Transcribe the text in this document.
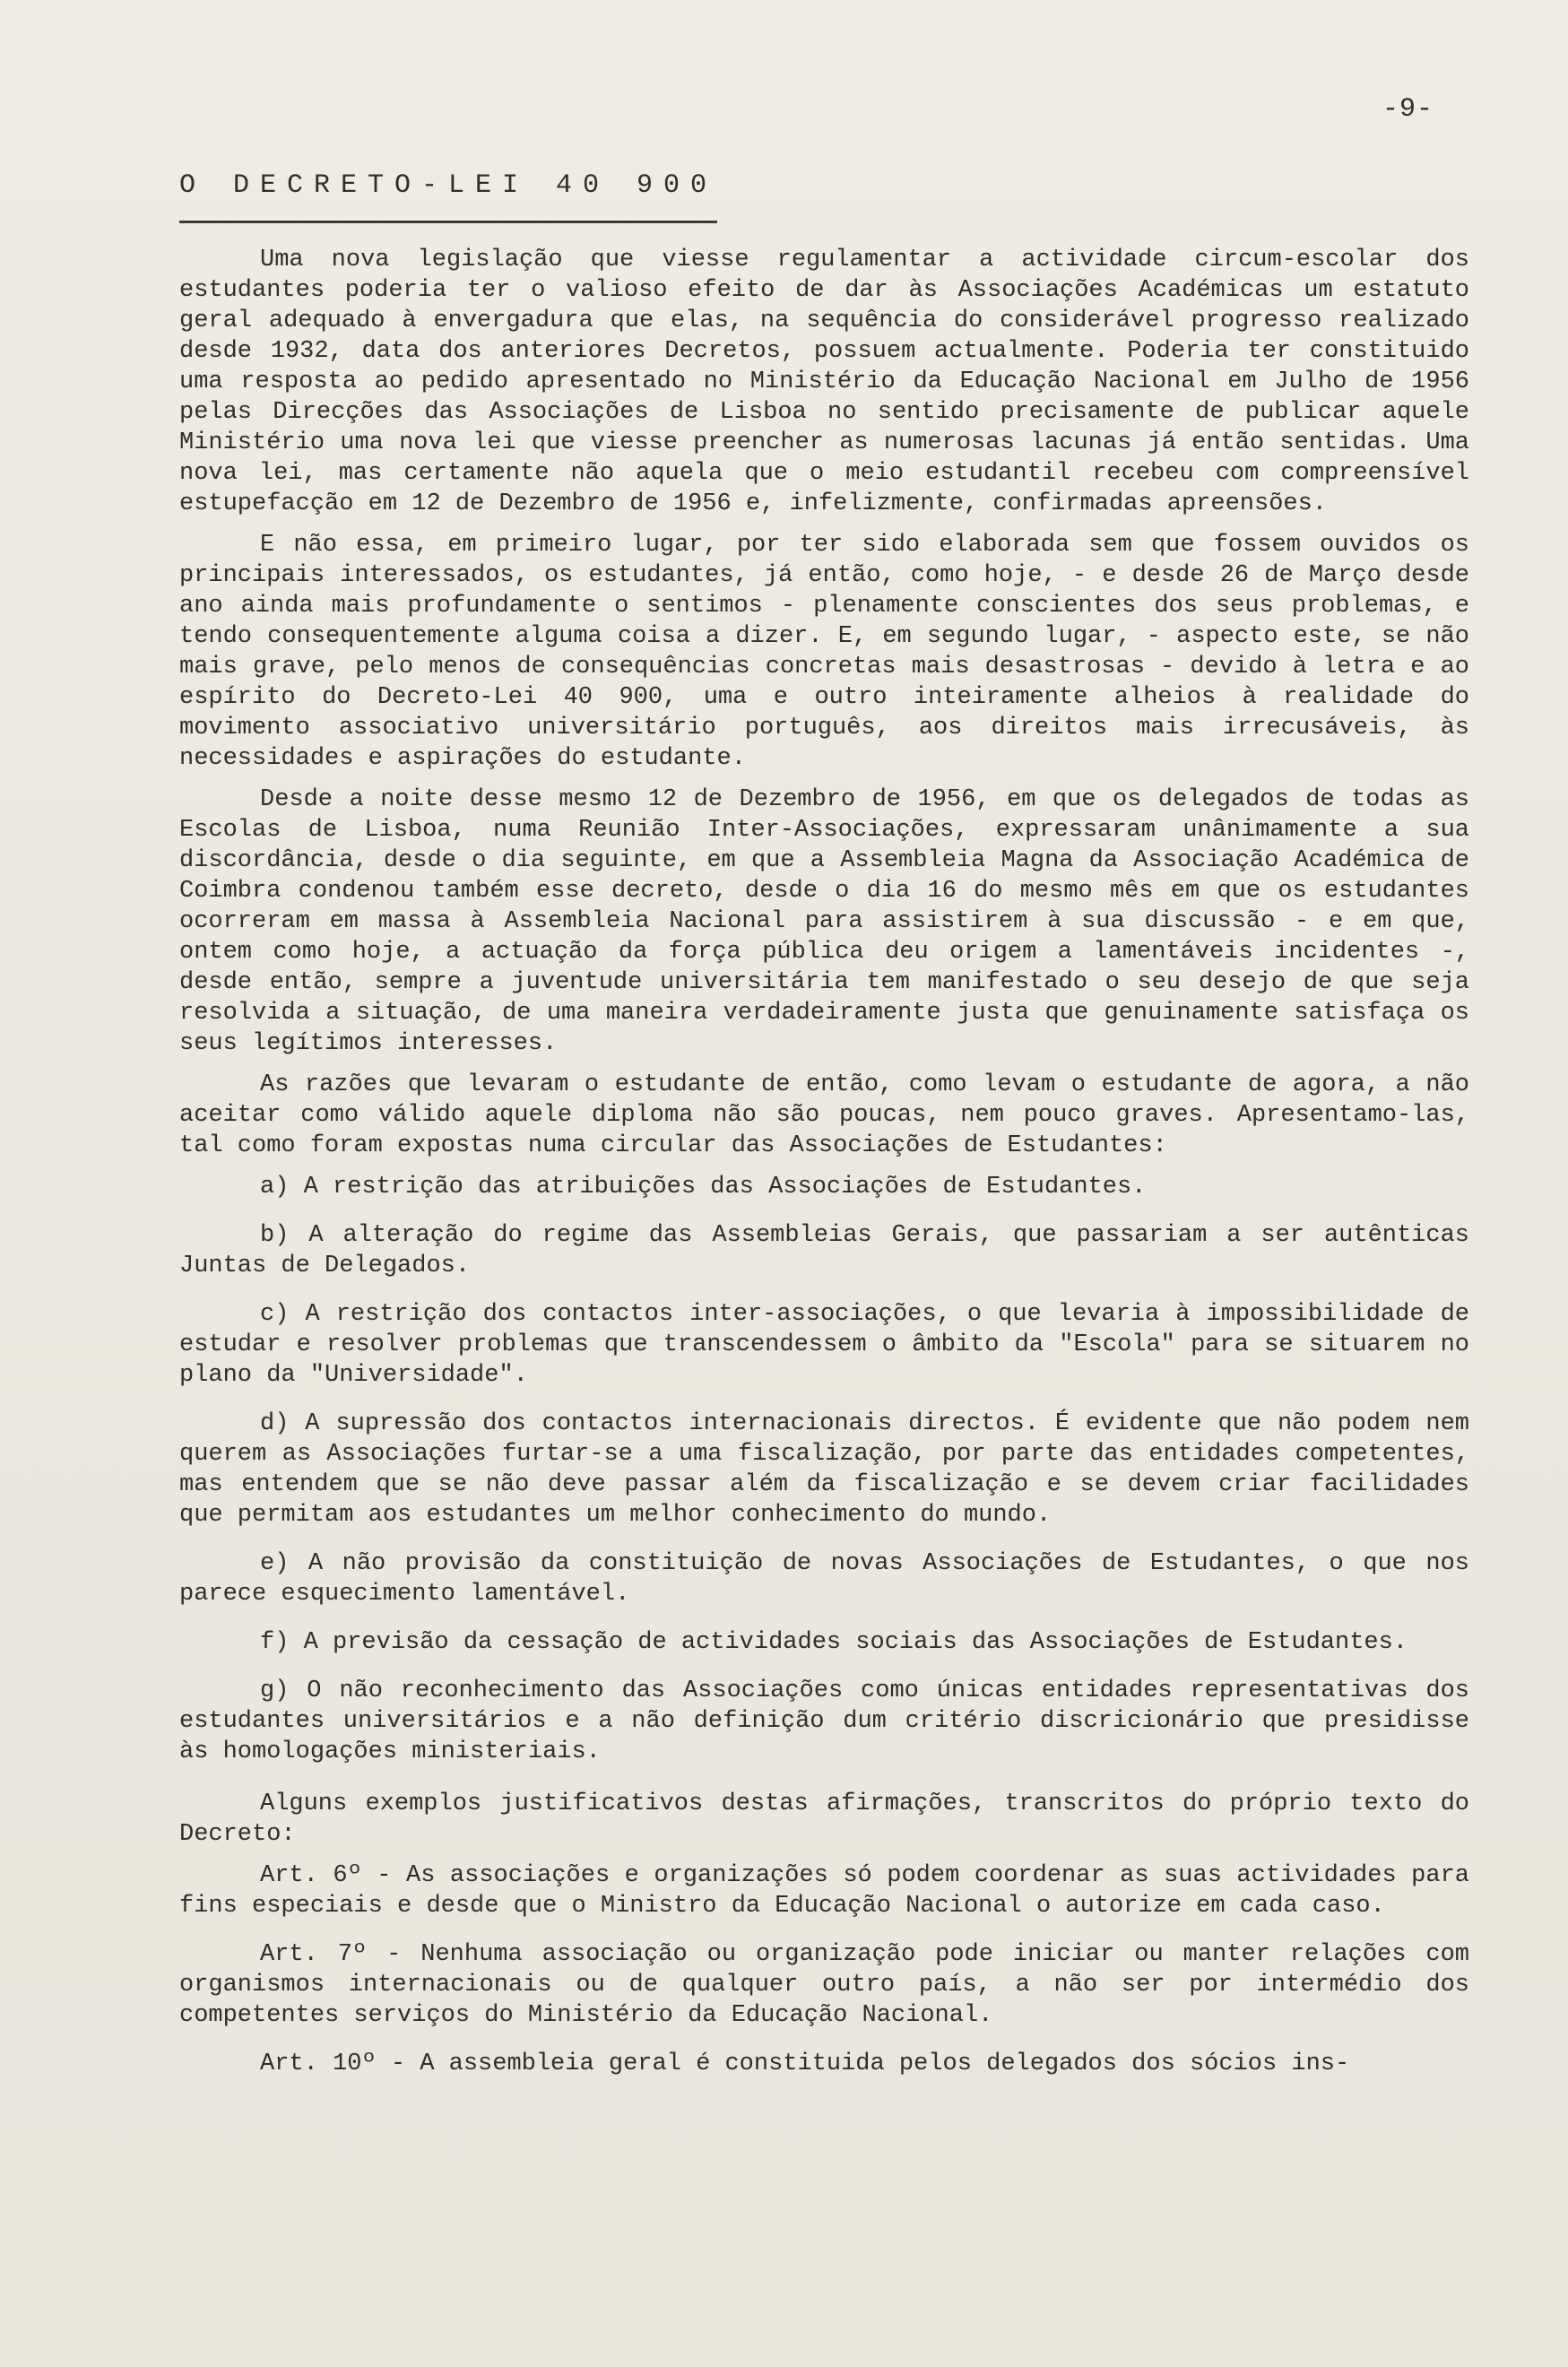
-9-
O DECRETO-LEI 40 900

Uma nova legislação que viesse regulamentar a actividade circum-escolar dos estudantes poderia ter o valioso efeito de dar às Associações Académicas um estatuto geral adequado à envergadura que elas, na sequência do considerável progresso realizado desde 1932, data dos anteriores Decretos, possuem actualmente. Poderia ter constituido uma resposta ao pedido apresentado no Ministério da Educação Nacional em Julho de 1956 pelas Direcções das Associações de Lisboa no sentido precisamente de publicar aquele Ministério uma nova lei que viesse preencher as numerosas lacunas já então sentidas. Uma nova lei, mas certamente não aquela que o meio estudantil recebeu com compreensível estupefacção em 12 de Dezembro de 1956 e, infelizmente, confirmadas apreensões.

E não essa, em primeiro lugar, por ter sido elaborada sem que fossem ouvidos os principais interessados, os estudantes, já então, como hoje, - e desde 26 de Março desde ano ainda mais profundamente o sentimos - plenamente conscientes dos seus problemas, e tendo consequentemente alguma coisa a dizer. E, em segundo lugar, - aspecto este, se não mais grave, pelo menos de consequências concretas mais desastrosas - devido à letra e ao espírito do Decreto-Lei 40 900, uma e outro inteiramente alheios à realidade do movimento associativo universitário português, aos direitos mais irrecusáveis, às necessidades e aspirações do estudante.

Desde a noite desse mesmo 12 de Dezembro de 1956, em que os delegados de todas as Escolas de Lisboa, numa Reunião Inter-Associações, expressaram unânimamente a sua discordância, desde o dia seguinte, em que a Assembleia Magna da Associação Académica de Coimbra condenou também esse decreto, desde o dia 16 do mesmo mês em que os estudantes ocorreram em massa à Assembleia Nacional para assistirem à sua discussão - e em que, ontem como hoje, a actuação da força pública deu origem a lamentáveis incidentes -, desde então, sempre a juventude universitária tem manifestado o seu desejo de que seja resolvida a situação, de uma maneira verdadeiramente justa que genuinamente satisfaça os seus legítimos interesses.

As razões que levaram o estudante de então, como levam o estudante de agora, a não aceitar como válido aquele diploma não são poucas, nem pouco graves. Apresentamo-las, tal como foram expostas numa circular das Associações de Estudantes:

a) A restrição das atribuições das Associações de Estudantes.

b) A alteração do regime das Assembleias Gerais, que passariam a ser autênticas Juntas de Delegados.

c) A restrição dos contactos inter-associações, o que levaria à impossibilidade de estudar e resolver problemas que transcendessem o âmbito da "Escola" para se situarem no plano da "Universidade".

d) A supressão dos contactos internacionais directos. É evidente que não podem nem querem as Associações furtar-se a uma fiscalização, por parte das entidades competentes, mas entendem que se não deve passar além da fiscalização e se devem criar facilidades que permitam aos estudantes um melhor conhecimento do mundo.

e) A não provisão da constituição de novas Associações de Estudantes, o que nos parece esquecimento lamentável.

f) A previsão da cessação de actividades sociais das Associações de Estudantes.

g) O não reconhecimento das Associações como únicas entidades representativas dos estudantes universitários e a não definição dum critério discricionário que presidisse às homologações ministeriais.

Alguns exemplos justificativos destas afirmações, transcritos do próprio texto do Decreto:

Art. 6º - As associações e organizações só podem coordenar as suas actividades para fins especiais e desde que o Ministro da Educação Nacional o autorize em cada caso.

Art. 7º - Nenhuma associação ou organização pode iniciar ou manter relações com organismos internacionais ou de qualquer outro país, a não ser por intermédio dos competentes serviços do Ministério da Educação Nacional.

Art. 10º - A assembleia geral é constituida pelos delegados dos sócios ins-
